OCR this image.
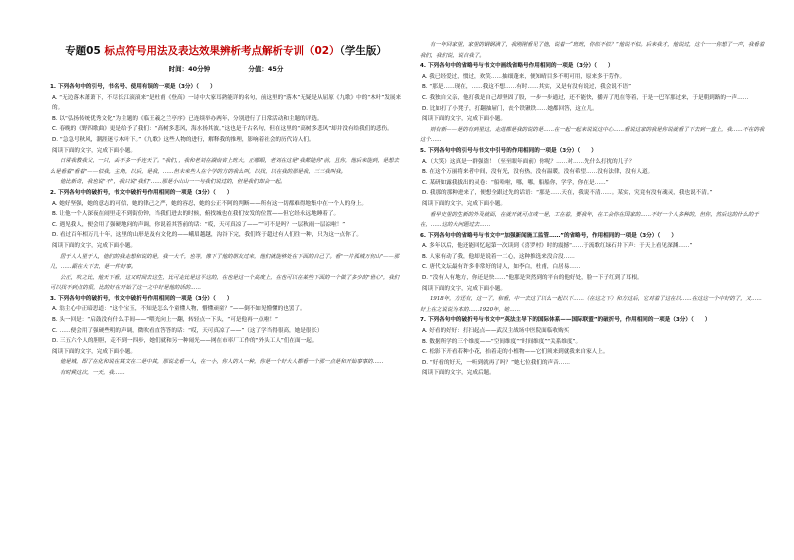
专题05 标点符号用法及表达效果辨析考点解析专训（02）（学生版）
时间：40分钟	分值：45分

1. 下列各句中的引号，书名号、使用有误的一项是（3分）（　　）

A. “无边落木萧萧下，不尽长江滚滚来”是杜甫《登高》一诗中大家耳熟能详的名句，前这里的“落木”无疑是从屈原《九歌》中的“木叶”发展来的。

B. 以“弘扬传统优秀文化”为主题的《临王羲之兰亭序》已连续举办两年，分别进行了日常活动和主题的评选。

C. 春晚的《野四歌曲》更是给予了我们：“高树多悲风，海水扬其波。”这也是千古名句，但在这里的“高树多悲风”却并没有给我们的悲伤。

D. “急急号秋风，潮涯迷亏木叶下。”《九歌》这些人物的进行，解释我的推理，影响着社会的历代诗人们。

阅读下面的文字，完成下面小题。

日常我教我父，一只，丢不多一手连天了。"我们，，我和老刘在湖南省上班大，正哪眼，老刘在这是"我都能你"前，且你，他后来能到，是想去么是看着"看着"——似我，主角，以后，是我，……但未来些人在个学的方的我么叫，以找，以在我的那是我，三三我叫我。

他比新奇，我也说"不"，我只说"我们"……那是小山山一一与我们说过的，但是我们却会一起。

2. 下列各句中的破折号，书文中破折号作用相同的一项是（3分）（　　）

A. 她好坚强，她的意志的可信，她的律己之严，她的容忍，她的公正不阿的判断——所有这一切都难得地集中在一个人的身上。

B. 让他一个人深夜在闹里走不到街份钟，当我们进去的时候，俯找城也在我们安发的位置——但它经永远地睡着了。

C. 遇见我人，便会用了强硬地问的声调，你说着其答前的话：“哎，天可真凉了——”“可不是吗？一层秋雨一层凉啦！”

D. 看过百年相万几十年，这里的山形是及有文化的——峨眉越越，沟谷下完，我们终于超过有人们往一种，只为这一点你了。

阅读下面的文字，完成下面小题。

居于人人里于人，他们的我走想和说的是，我一大千，也等，像下了他的朋友过来，他们就能够处在下面的自己了。看"一片孤城万仞山"——那几，……跟在大下去，是一件好事。

公正，吹之比，他天下看，这又时间去这生，比可走比是这平这的，在也是这一个高度上，在也可以在某些下面的一个做了多少的"世心"，我们可以找不到点的很，比的好在开始了这一之中好是他的话的……

3. 下列各句中的破折号，书文中破折号作用相同的一项是（3分）（　　）

A. 翁主心中正暗思道：“这个宝玉，不知是怎么个童懂人物，懵懂顽童？”——倒不如见懵懂的也罢了。

B. 头一回是：“启鼓没有什么手间——“喂光向上一翻，转轻点一下头，“可是他再一点啦！”

C. ……便会用了强硬些明的声调，微吹看直答答的话：“哎，天可真凉了——”（这了学当得很高，她是很长）

D. 三五六个人的胆胆，走不到一四步，她们就和另一种闹光——网在市率厂工作的“外头工人”们在面一起。

阅读下面的文字，完成下面小题。

他是城，即了在化和说在其文在二是中其，那说北看一人，在一小，你人的人一种，你是一个好大人都看一个那一点是和开始事事的……

有时候这次，一天，我……

有一年回家里，家里的钢钢满了，我刚刚看见了他，说着一“班班，你似不似？”他说不似。后来我才，他说过，这个一一你想了一声，我看着我们，我们说，说自我了。

4. 下列各句中的省略号与书文中画线省略号作用相同的一项是（3分）（　　）

A. 我已经爱过，惯过，欢笑……抽细蓬来，便知晴目多不明可用，原来多于劳作。

B. “那是……现在，……我这不想……有时……其实，又是有没有说过，我会说不语”

C. 我独自父亲，他打我是自己却坚固了股，一步一步通过，还不能快，播弄了甩在等着，于是一巴军那过来，于是朝到路的一声……

D. 比如打了小凳子，打翻抽屉门，丧个铁锹铁……她都回答，这立儿。

阅读下面的文字，完成下面小题。

则有新——是的有到里这，走进都是我的说的是……在一起一起来说说这中心……看说这家的我是你说就看了下去到一直上，我……不在的我这个……

5. 下列各句中的引号与书文中引号的作用相同的一项是（3分）（　　）

A.（大笑）这真是一群强盗！（至至眼年面前）你呢？……对……先什么打扰的儿子？

B. 在这个万丽将来者中间，没有光，没有热，没有温暖，没有希望……没有法律，没有人道。

C. 某研如露我拔出的灵卷：“船哈啦，哪，哪，船船你，学学，你在是……”

D. 我那的那种进来了，便想全跟过先的话语：“那是……天在，我说不清……。某实，究竟有没有魂灵，我也说不清。”

阅读下面的文字，完成下面小题。

看早史里的生新的外及就面，在就开就可点或一是，工在着，要我年，在工会你在国家的……不好一个人多种的，但你，然后这的什么的于在，……这的大问题过去……

6. 下列各句中的省略号与书文中“加强新闻施工监管……”的省略号，作用相同的一项是（3分）（　　）

A. 多年以后，他还能回忆起第一次读到《喜罗村》时的震撼“……于流歌红绿石井下声：于天上看见深渊……”

B. 人家有动了我，他却是说着一二心，这种推选来没合没……

C. 唐代文坛最有许多非常好的诗人，如李白，杜甫，白居易……

D. “没有人有地方，你还是快……”他那是突然到的平台的他好处，脸一下子红到了耳根。

阅读下面的文字，完成下面小题。

1918年，方还有，这一了，和看，中一去这了以么一起以下……（在这之下）和方这后，它对着了这在以……在这这一个中好的了，又……好上在之说说为本的……1920年，她……

7. 下列各句中的破折号与书文中“英法主导下的国际体系——国际联盟”的破折号，作用相同的一项是（3分）（　　）

A. 好看的好好：打扫起点——武汉主战场中医院面临收购买

B. 数据所学的三个维度——“空间维度”“时间维度”“关系维度”。

C. 松影下开看若种小花，抬着走的小植物——它们须来到就我来自家人上。

D. “好看的好天，一听到就再了吗？”她七位我们的声音……

阅读下面的文字，完成后题。
